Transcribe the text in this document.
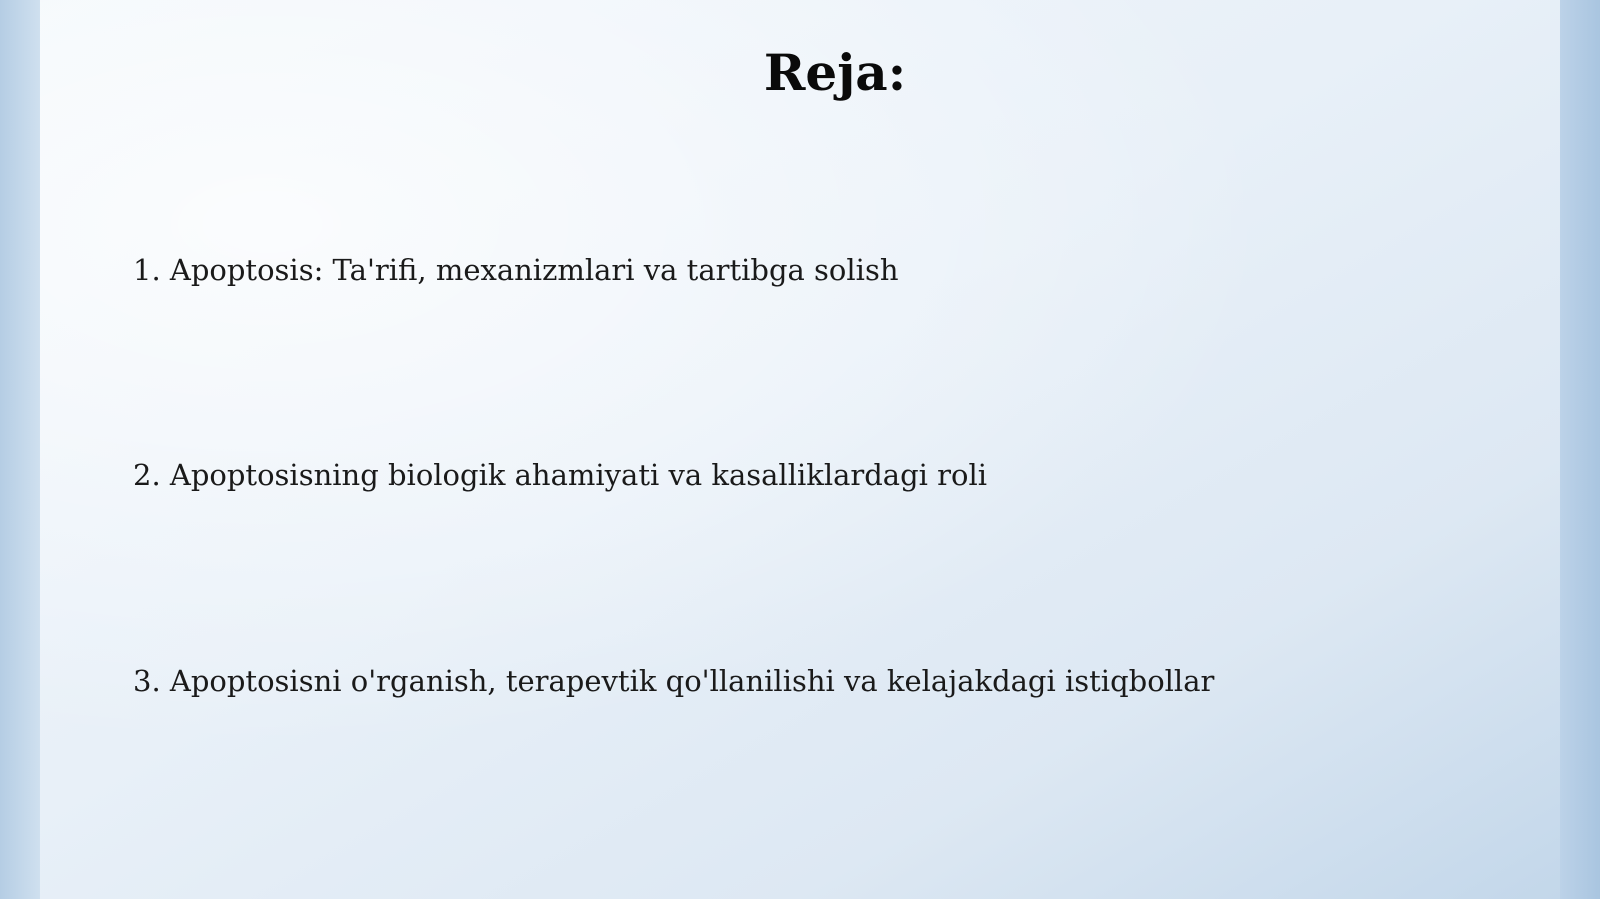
Reja:
1. Apoptosis: Ta'rifi, mexanizmlari va tartibga solish
2. Apoptosisning biologik ahamiyati va kasalliklardagi roli
3. Apoptosisni o'rganish, terapevtik qo'llanilishi va kelajakdagi istiqbollar
